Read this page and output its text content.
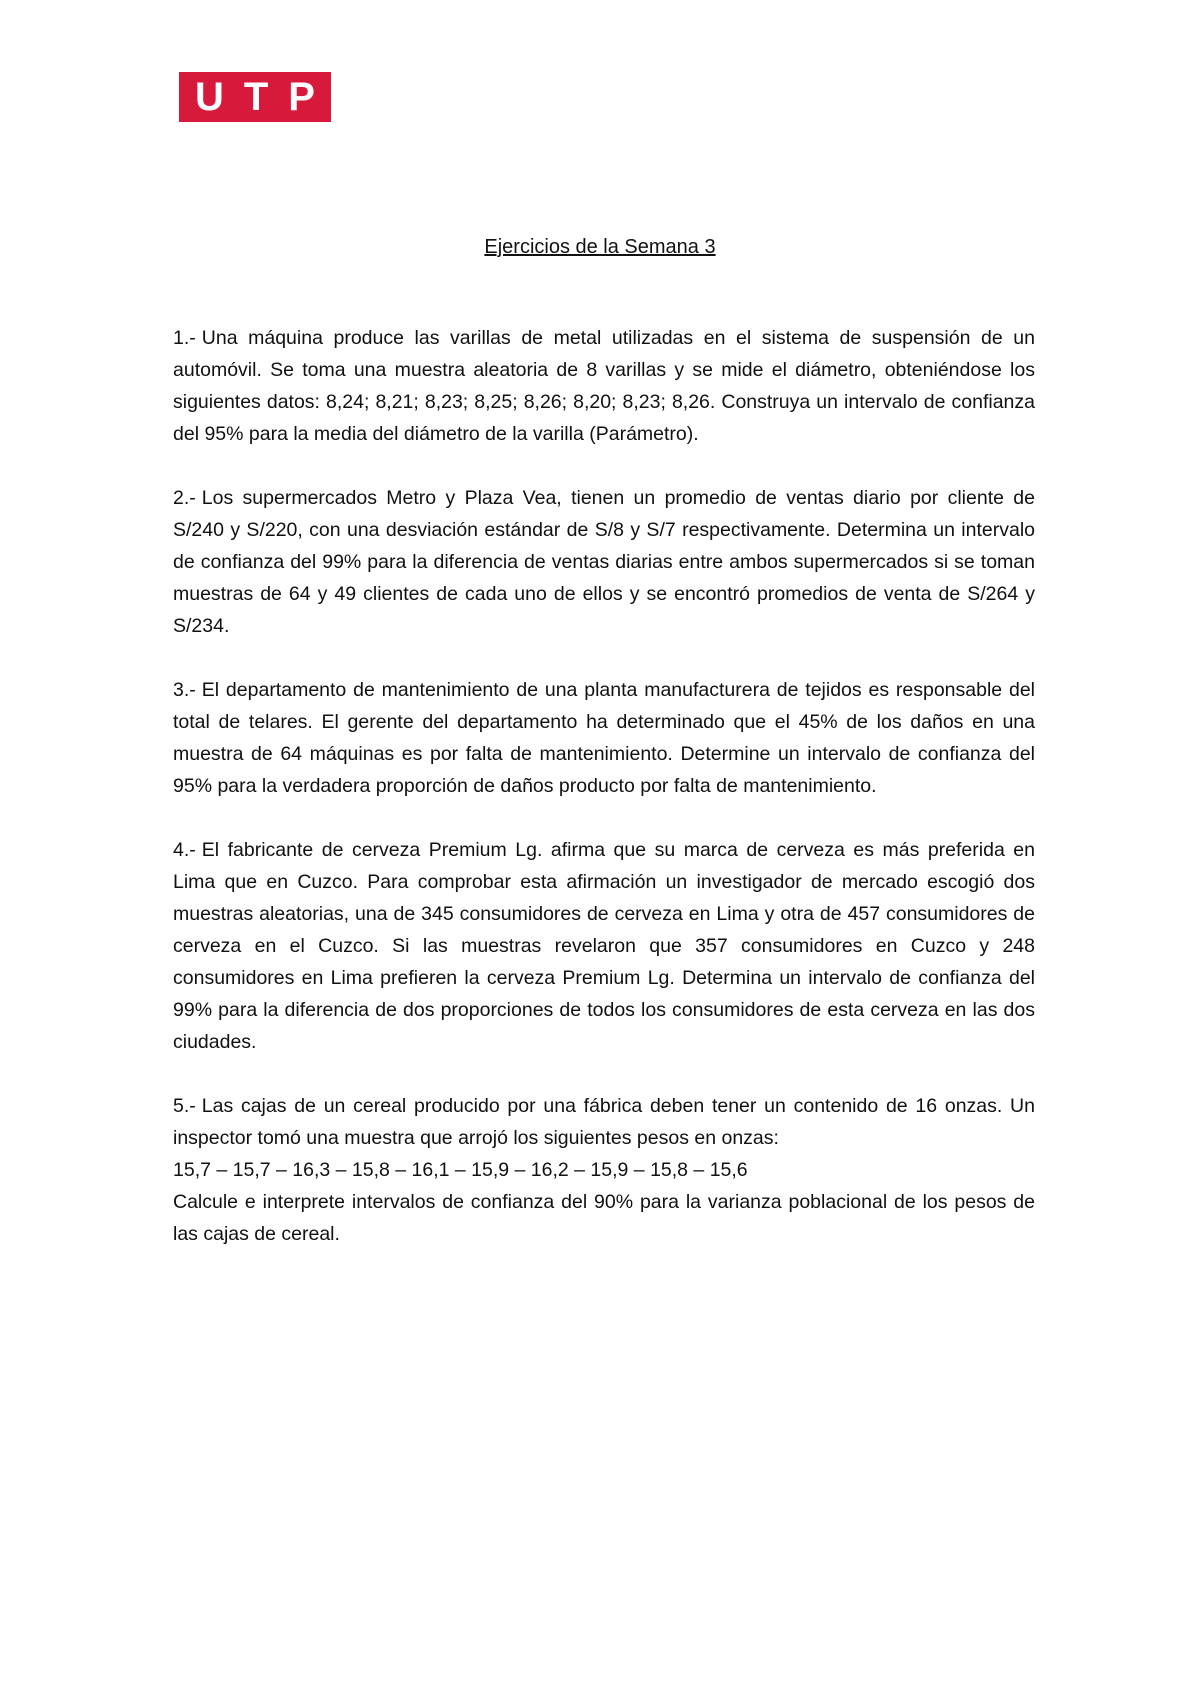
U T P
Ejercicios de la Semana 3

1.- Una máquina produce las varillas de metal utilizadas en el sistema de suspensión de un automóvil. Se toma una muestra aleatoria de 8 varillas y se mide el diámetro, obteniéndose los siguientes datos: 8,24; 8,21; 8,23; 8,25; 8,26; 8,20; 8,23; 8,26. Construya un intervalo de confianza del 95% para la media del diámetro de la varilla (Parámetro).

2.- Los supermercados Metro y Plaza Vea, tienen un promedio de ventas diario por cliente de S/240 y S/220, con una desviación estándar de S/8 y S/7 respectivamente. Determina un intervalo de confianza del 99% para la diferencia de ventas diarias entre ambos supermercados si se toman muestras de 64 y 49 clientes de cada uno de ellos y se encontró promedios de venta de S/264 y S/234.

3.- El departamento de mantenimiento de una planta manufacturera de tejidos es responsable del total de telares. El gerente del departamento ha determinado que el 45% de los daños en una muestra de 64 máquinas es por falta de mantenimiento. Determine un intervalo de confianza del 95% para la verdadera proporción de daños producto por falta de mantenimiento.

4.- El fabricante de cerveza Premium Lg. afirma que su marca de cerveza es más preferida en Lima que en Cuzco. Para comprobar esta afirmación un investigador de mercado escogió dos muestras aleatorias, una de 345 consumidores de cerveza en Lima y otra de 457 consumidores de cerveza en el Cuzco. Si las muestras revelaron que 357 consumidores en Cuzco y 248 consumidores en Lima prefieren la cerveza Premium Lg. Determina un intervalo de confianza del 99% para la diferencia de dos proporciones de todos los consumidores de esta cerveza en las dos ciudades.

5.- Las cajas de un cereal producido por una fábrica deben tener un contenido de 16 onzas. Un inspector tomó una muestra que arrojó los siguientes pesos en onzas:
15,7 – 15,7 – 16,3 – 15,8 – 16,1 – 15,9 – 16,2 – 15,9 – 15,8 – 15,6
Calcule e interprete intervalos de confianza del 90% para la varianza poblacional de los pesos de las cajas de cereal.
